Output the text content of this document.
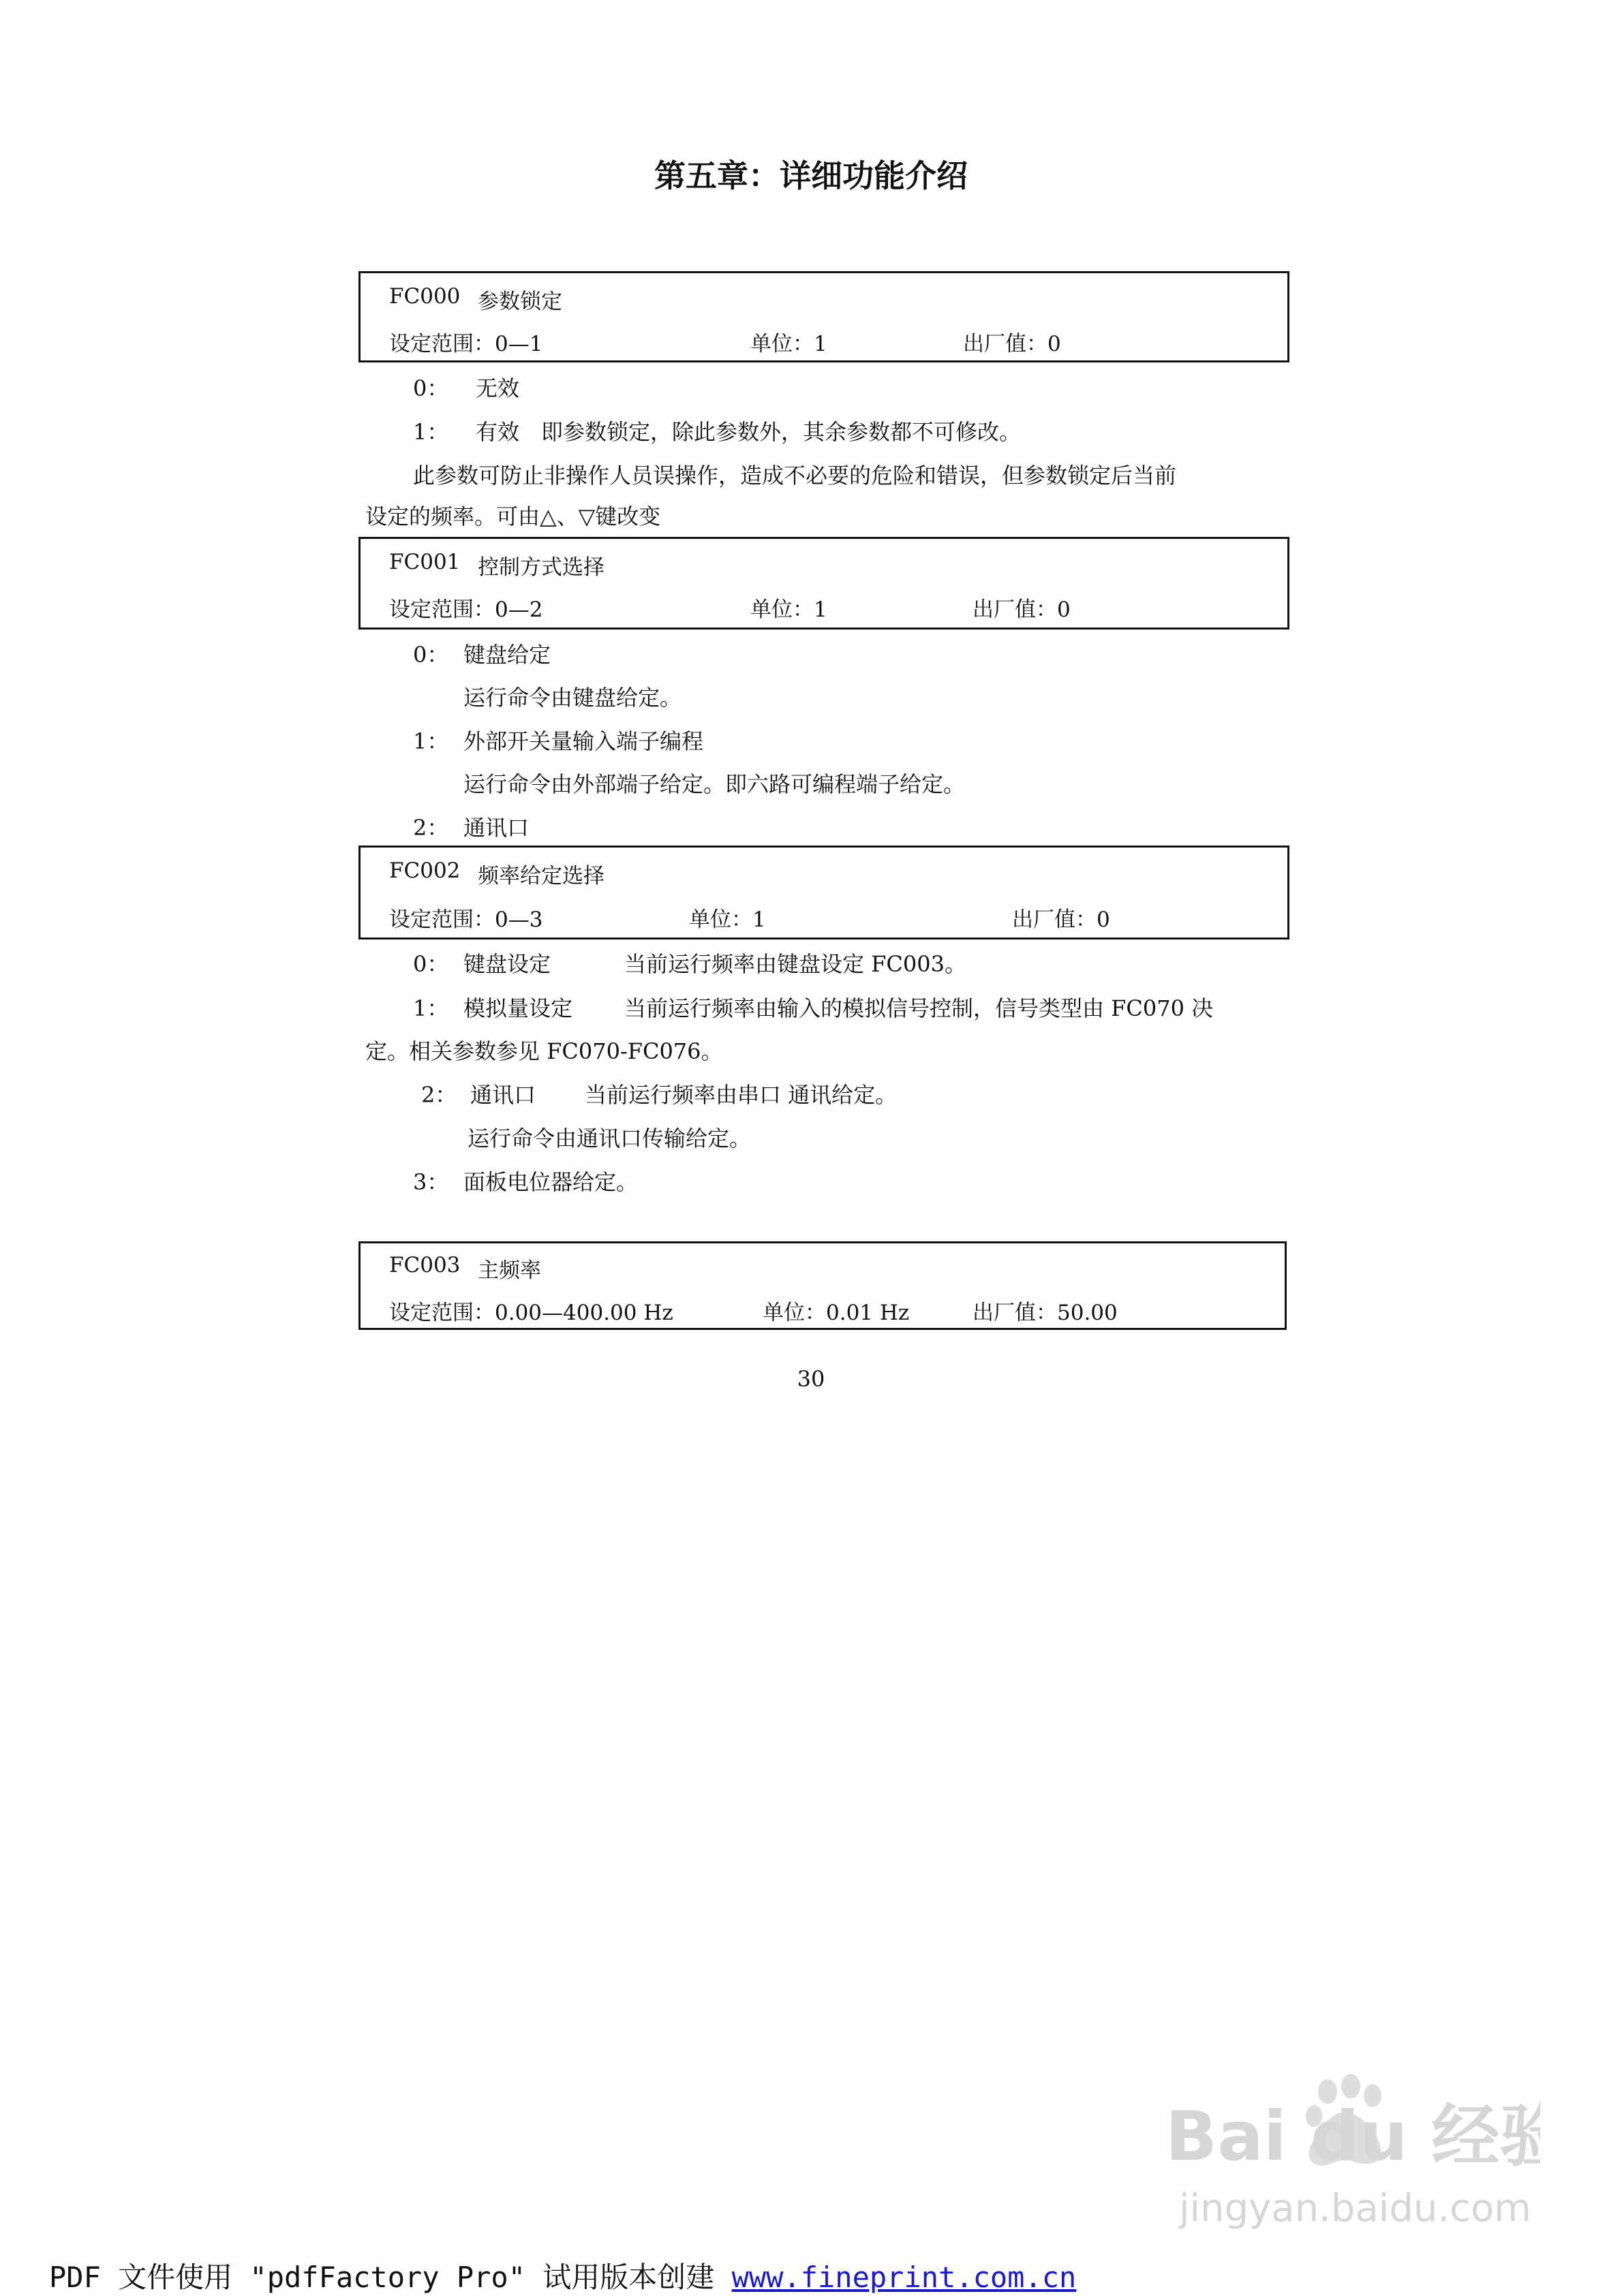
第五章：详细功能介绍
FC000 参数锁定
设定范围：0—1	单位：1	出厂值：0
0： 无效
1： 有效　即参数锁定，除此参数外，其余参数都不可修改。
此参数可防止非操作人员误操作，造成不必要的危险和错误，但参数锁定后当前
设定的频率。可由△、▽键改变
FC001 控制方式选择
设定范围：0—2	单位：1	出厂值：0
0： 键盘给定
运行命令由键盘给定。
1： 外部开关量输入端子编程
运行命令由外部端子给定。即六路可编程端子给定。
2： 通讯口
FC002 频率给定选择
设定范围：0—3	单位：1	出厂值：0
0： 键盘设定	当前运行频率由键盘设定 FC003。
1： 模拟量设定 当前运行频率由输入的模拟信号控制，信号类型由 FC070 决
定。相关参数参见 FC070-FC076。
2： 通讯口 当前运行频率由串口 通讯给定。
运行命令由通讯口传输给定。
3： 面板电位器给定。
FC003 主频率
设定范围：0.00—400.00 Hz	单位：0.01 Hz	出厂值：50.00
30
Bai du 经验
jingyan.baidu.com
PDF 文件使用 "pdfFactory Pro" 试用版本创建 www.fineprint.com.cn
